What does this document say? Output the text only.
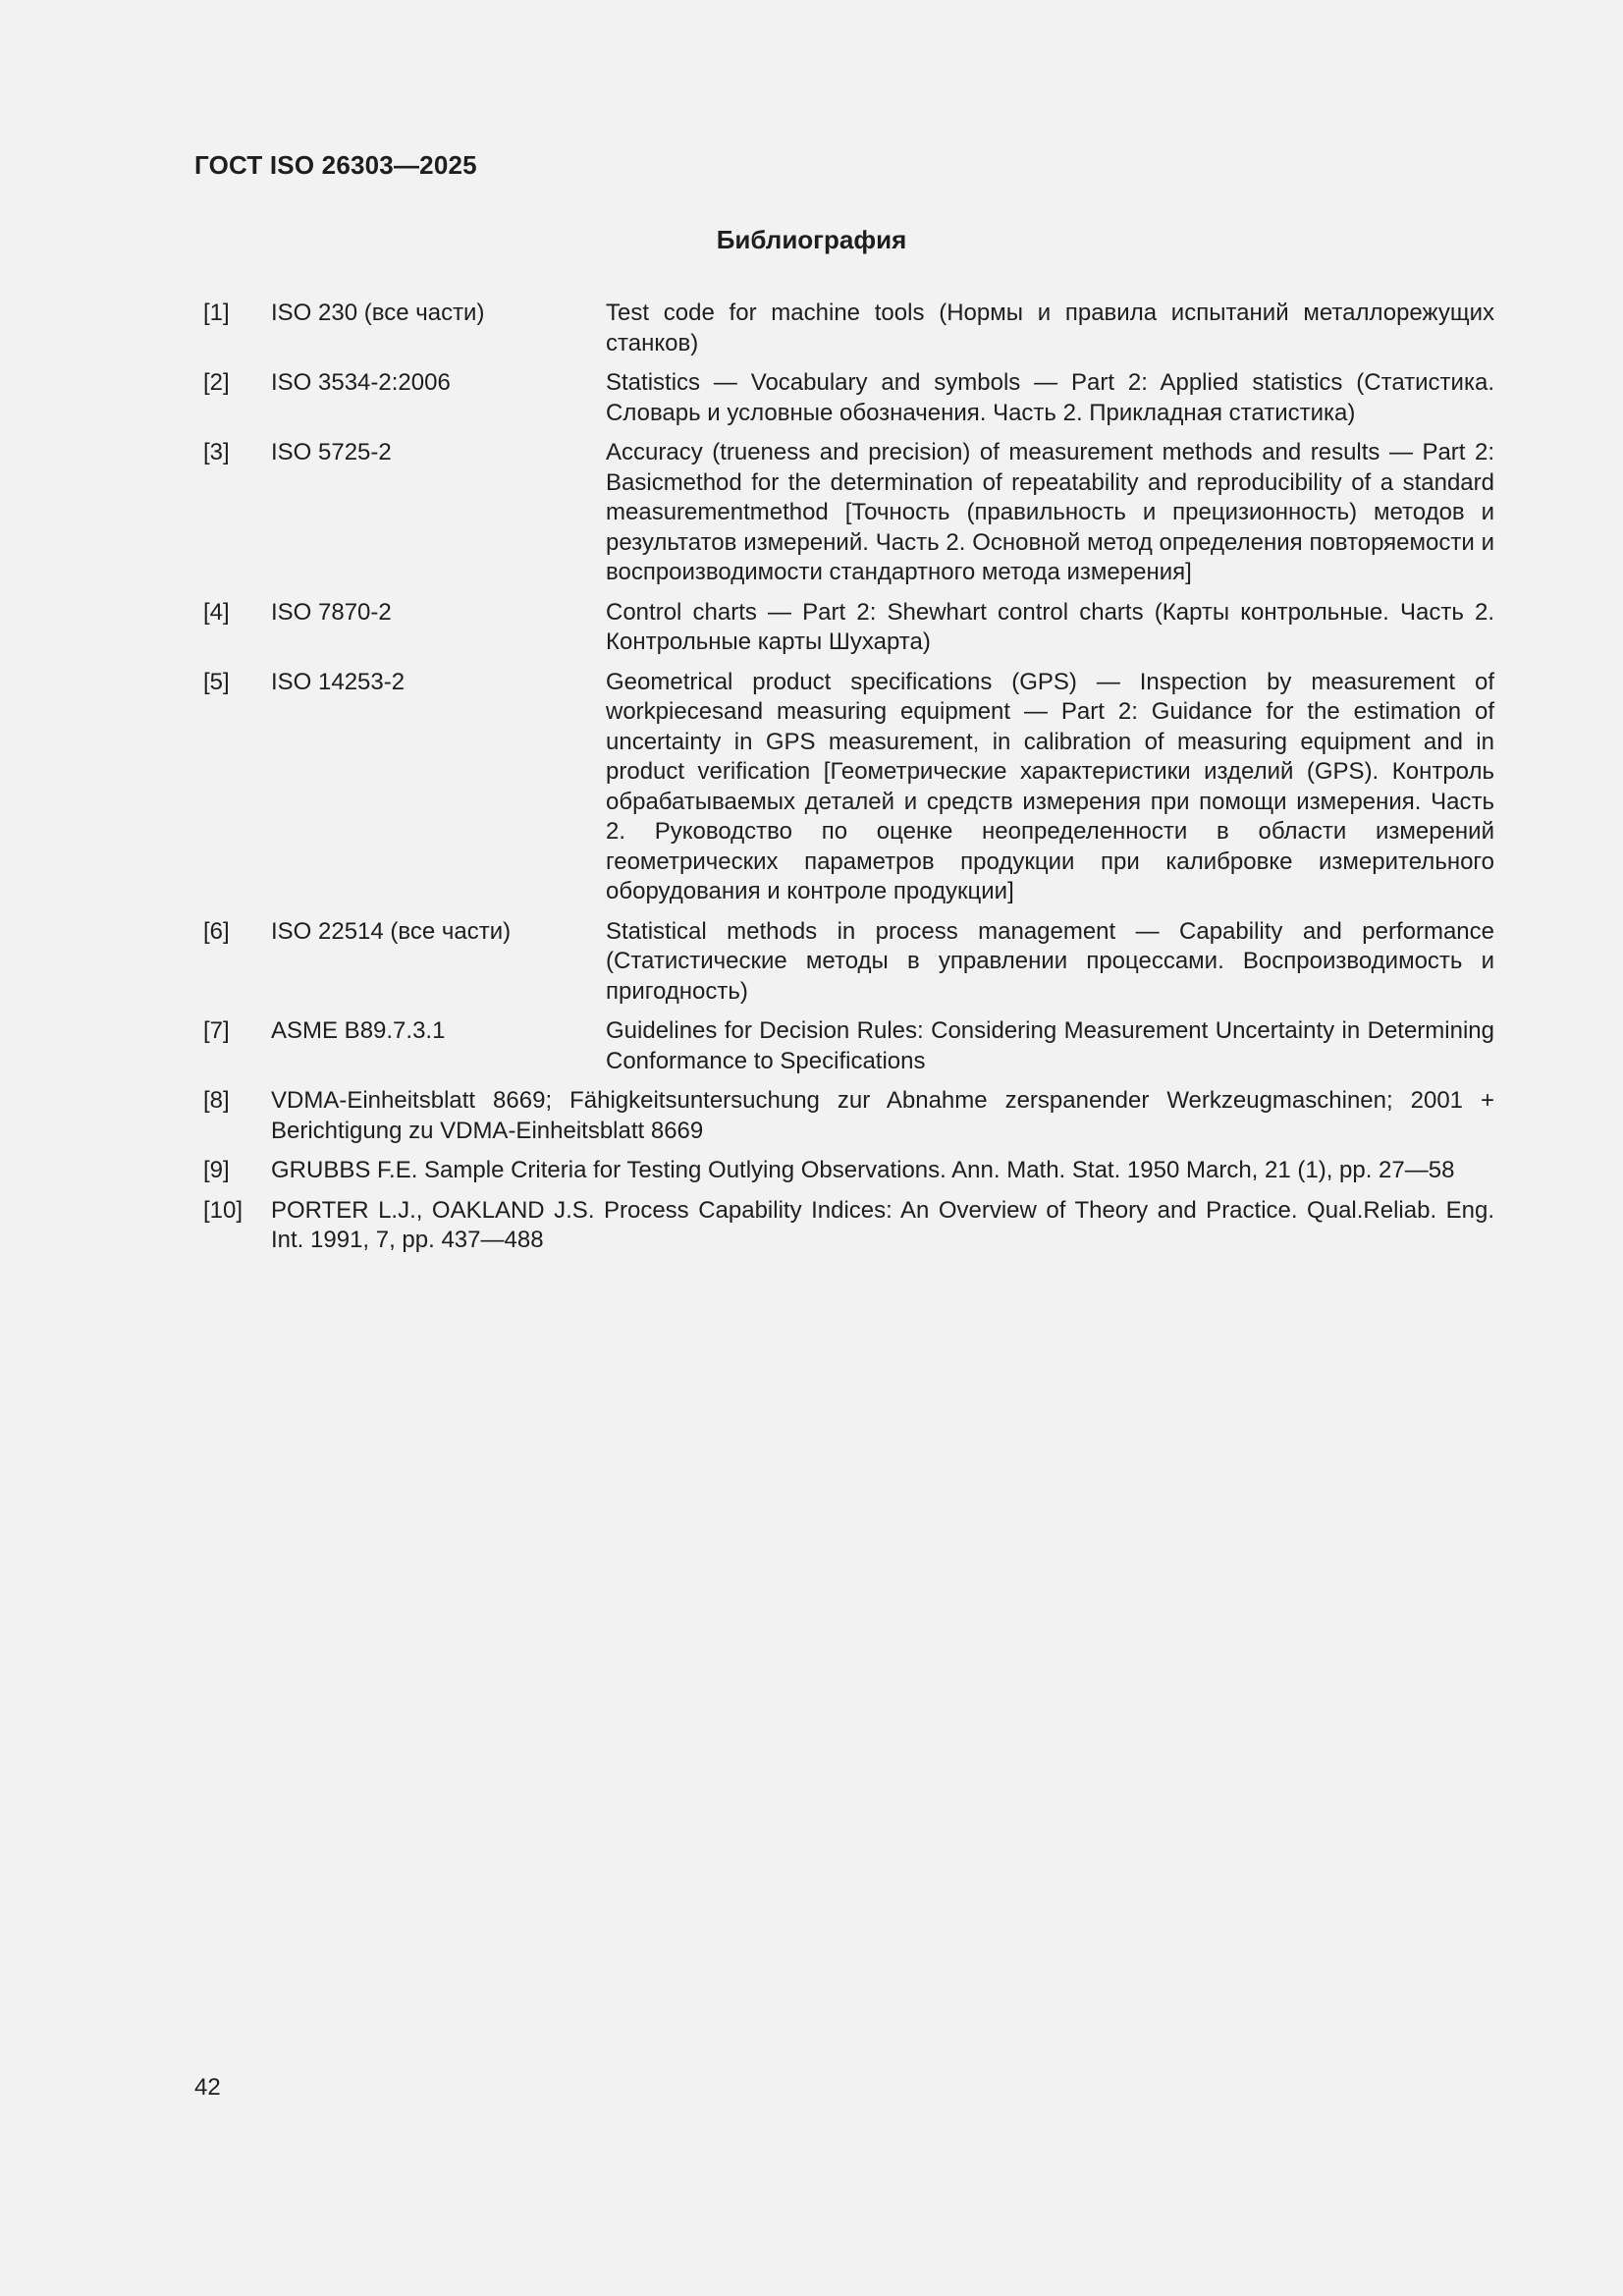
ГОСТ ISO 26303—2025
Библиография
[1]	ISO 230 (все части)	Test code for machine tools (Нормы и правила испытаний металлорежущих станков)
[2]	ISO 3534-2:2006	Statistics — Vocabulary and symbols — Part 2: Applied statistics (Статистика. Словарь и условные обозначения. Часть 2. Прикладная статистика)
[3]	ISO 5725-2	Accuracy (trueness and precision) of measurement methods and results — Part 2: Basicmethod for the determination of repeatability and reproducibility of a standard measurementmethod [Точность (правильность и прецизионность) методов и результатов измерений. Часть 2. Основной метод определения повторяемости и воспроизводимости стандартного метода измерения]
[4]	ISO 7870-2	Control charts — Part 2: Shewhart control charts (Карты контрольные. Часть 2. Контрольные карты Шухарта)
[5]	ISO 14253-2	Geometrical product specifications (GPS) — Inspection by measurement of workpiecesand measuring equipment — Part 2: Guidance for the estimation of uncertainty in GPS measurement, in calibration of measuring equipment and in product verification [Геометрические характеристики изделий (GPS). Контроль обрабатываемых деталей и средств измерения при помощи измерения. Часть 2. Руководство по оценке неопределенности в области измерений геометрических параметров продукции при калибровке измерительного оборудования и контроле продукции]
[6]	ISO 22514 (все части)	Statistical methods in process management — Capability and performance (Статистические методы в управлении процессами. Воспроизводимость и пригодность)
[7]	ASME B89.7.3.1	Guidelines for Decision Rules: Considering Measurement Uncertainty in Determining Conformance to Specifications
[8]	VDMA-Einheitsblatt 8669; Fähigkeitsuntersuchung zur Abnahme zerspanender Werkzeugmaschinen; 2001 + Berichtigung zu VDMA-Einheitsblatt 8669
[9]	GRUBBS F.E. Sample Criteria for Testing Outlying Observations. Ann. Math. Stat. 1950 March, 21 (1), pp. 27—58
[10]	PORTER L.J., OAKLAND J.S. Process Capability Indices: An Overview of Theory and Practice. Qual.Reliab. Eng. Int. 1991, 7, pp. 437—488
42
